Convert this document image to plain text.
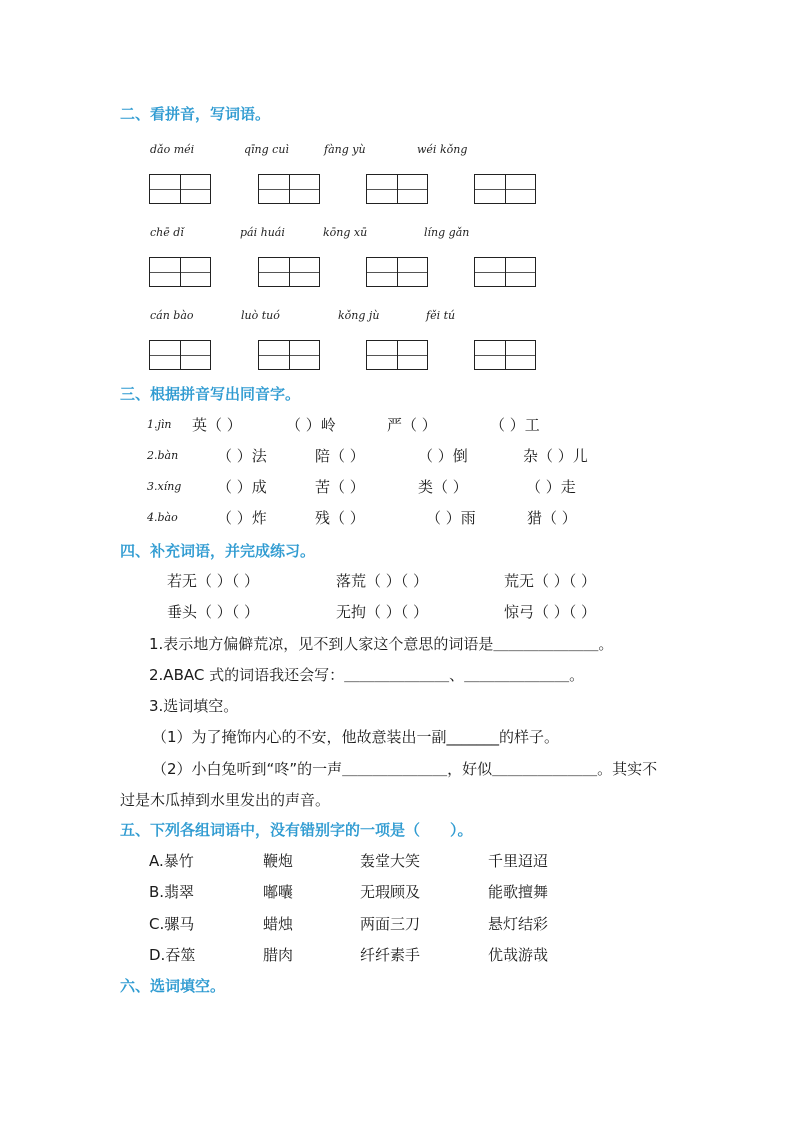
二、看拼音，写词语。
dǎo méi	qīng cuì	fàng yù	wéi kǒng
chē dǐ	pái huái	kōng xū	líng gǎn
cán bào	luò tuó	kǒng jù	fěi tú
三、根据拼音写出同音字。
1.jìn 英（ ）	（ ）岭	严（ ）	（ ）工
2.bàn	（ ）法	陪（ ）	（ ）倒	杂（ ）儿
3.xíng （ ）成	苦（ ）	类（ ）	（ ）走
4.bào	（ ）炸	残（ ）	（ ）雨	猎（ ）
四、补充词语，并完成练习。
若无（ ）（ ）	落荒（ ）（ ）	荒无（ ）（ ）
垂头（ ）（ ）	无拘（ ）（ ）	惊弓（ ）（ ）
1.表示地方偏僻荒凉，见不到人家这个意思的词语是＿＿＿＿＿＿＿。
2.ABAC 式的词语我还会写：＿＿＿＿＿＿＿、＿＿＿＿＿＿＿。
3.选词填空。
（1）为了掩饰内心的不安，他故意装出一副_______的样子。
（2）小白兔听到“咚”的一声＿＿＿＿＿＿＿，好似＿＿＿＿＿＿＿。其实不
过是木瓜掉到水里发出的声音。
五、下列各组词语中，没有错别字的一项是（　　）。
A.暴竹	鞭炮	轰堂大笑	千里迢迢
B.翡翠	嘟囔	无瑕顾及	能歌擅舞
C.骡马	蜡烛	两面三刀	悬灯结彩
D.吞筮	腊肉	纤纤素手	优哉游哉
六、选词填空。
